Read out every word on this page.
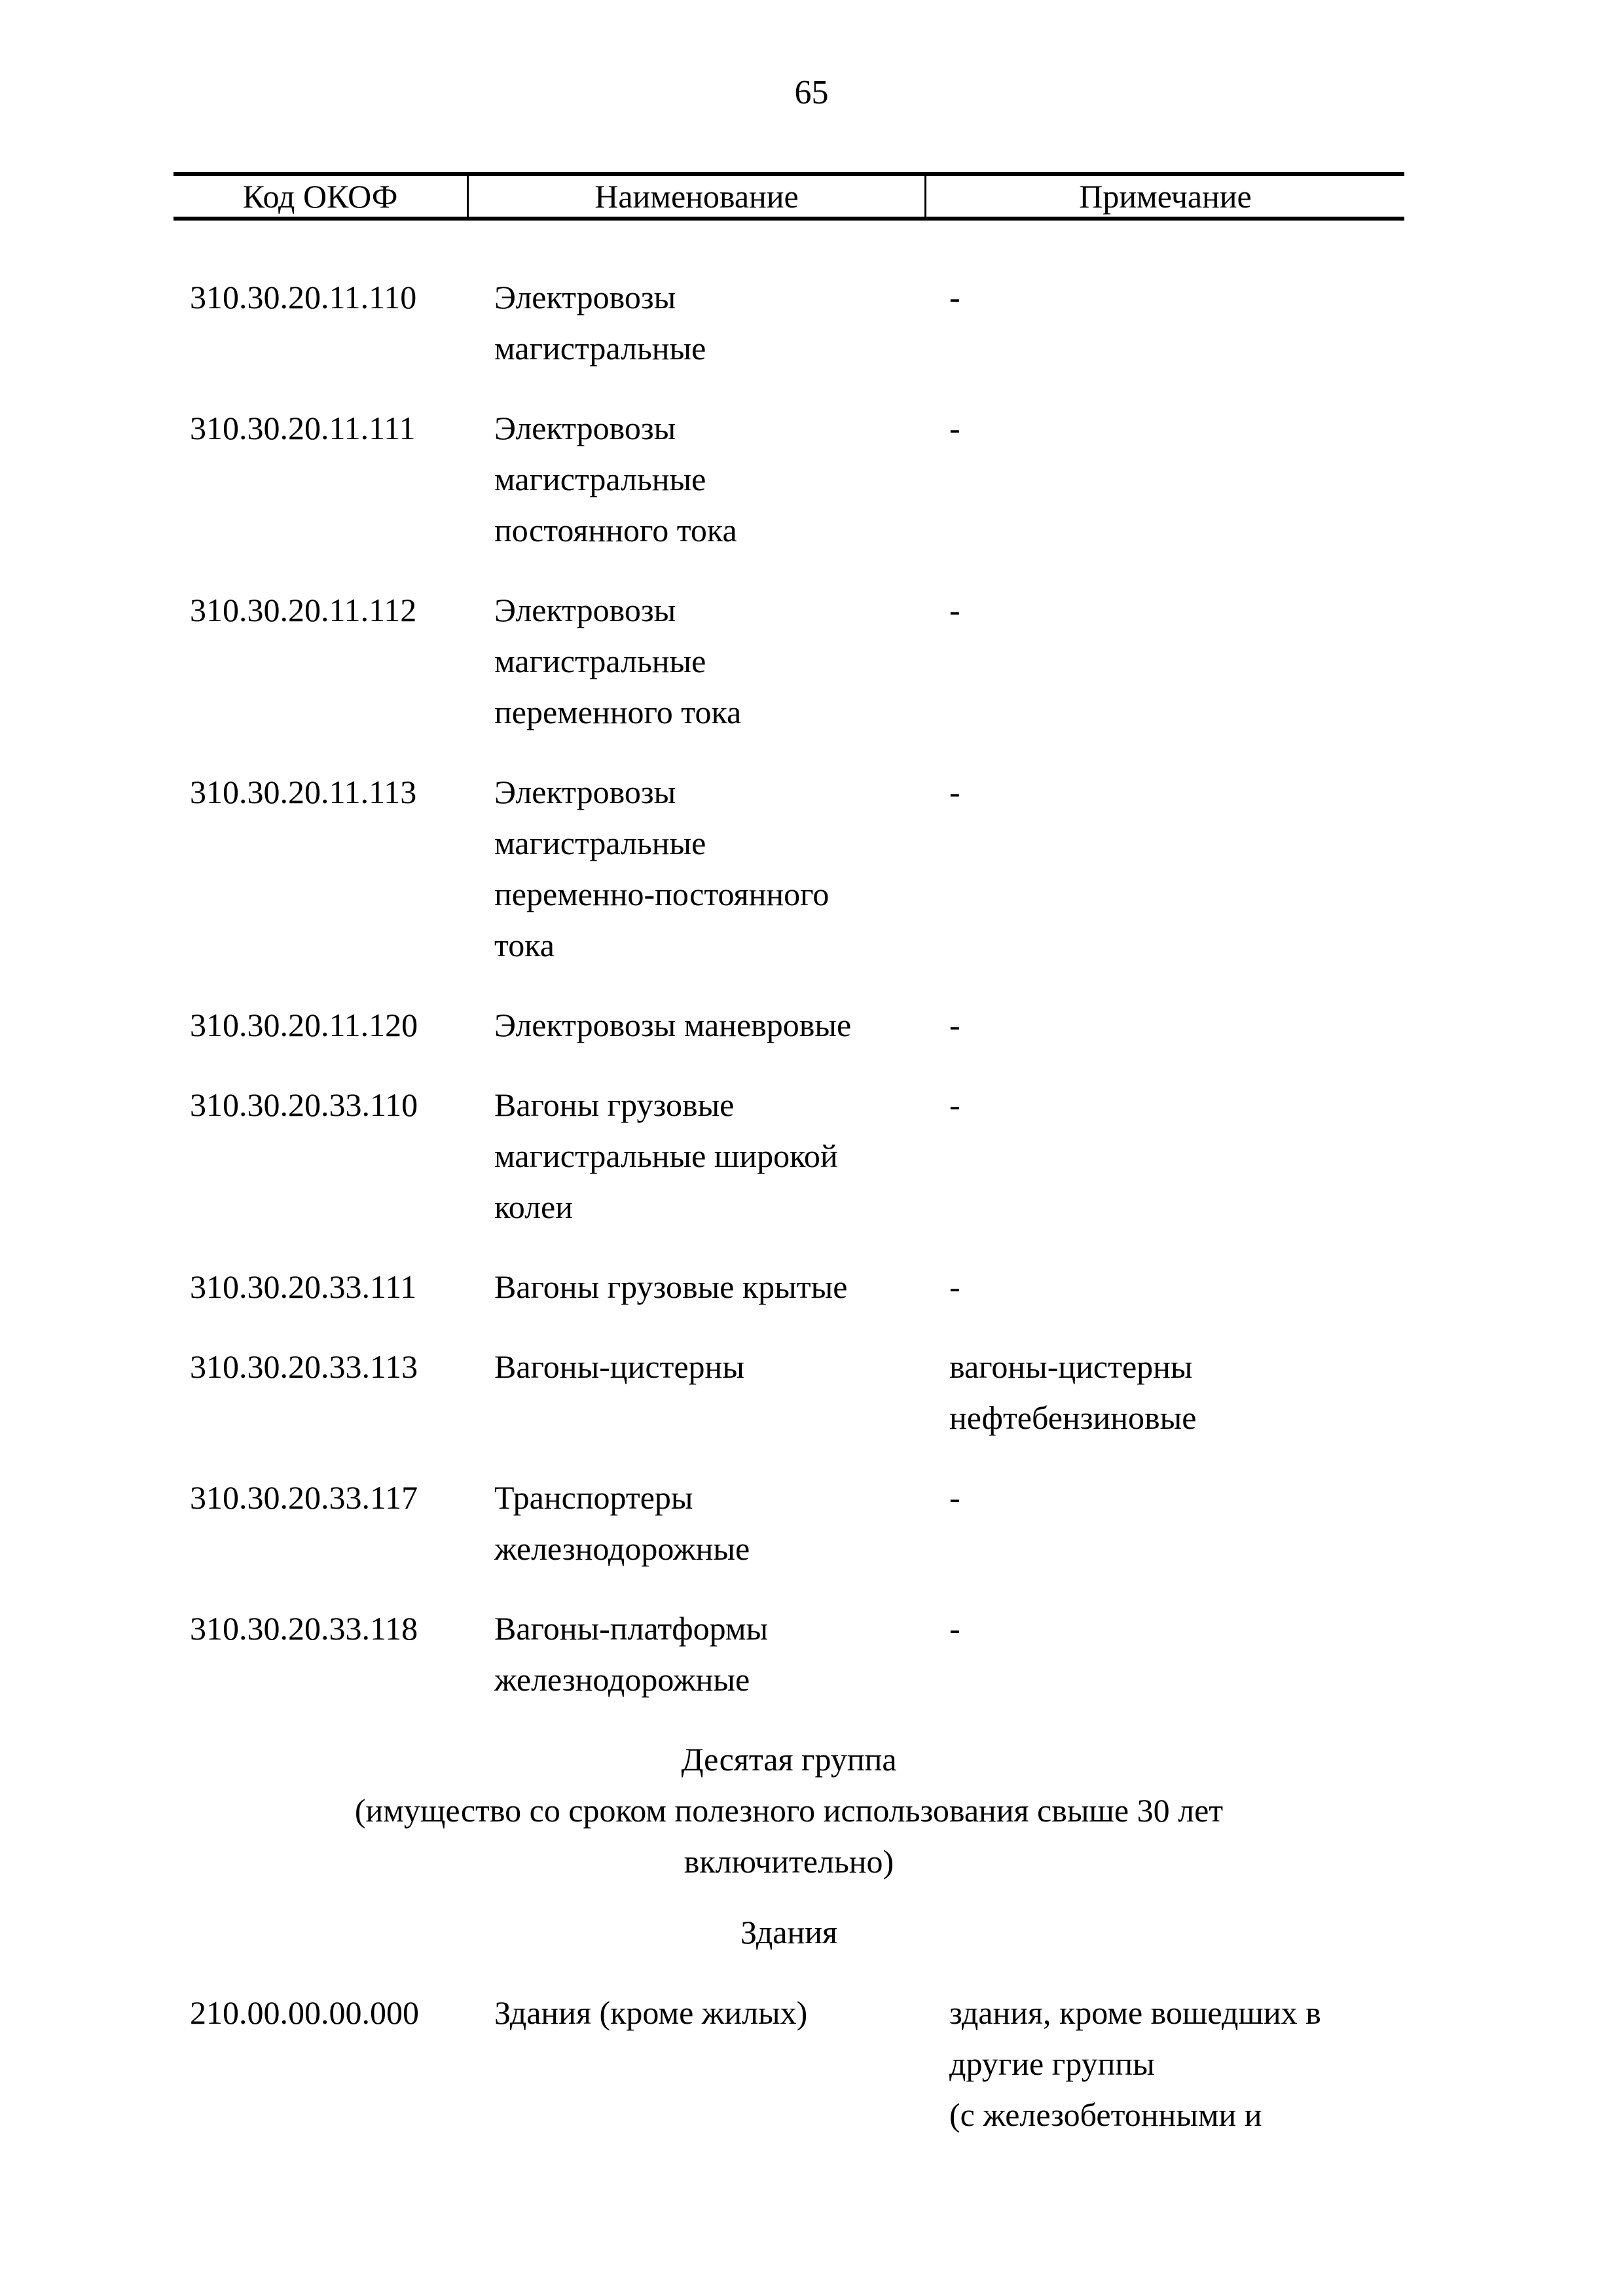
65
Код ОКОФ	Наименование	Примечание
310.30.20.11.110	Электровозы
магистральные
-
310.30.20.11.111	Электровозы
магистральные
постоянного тока
-
310.30.20.11.112	Электровозы
магистральные
переменного тока
-
310.30.20.11.113	Электровозы
магистральные
переменно-постоянного
тока
-
310.30.20.11.120	Электровозы маневровые	-
310.30.20.33.110	Вагоны грузовые
магистральные широкой
колеи
-
310.30.20.33.111	Вагоны грузовые крытые	-
310.30.20.33.113	Вагоны-цистерны	вагоны-цистерны
нефтебензиновые
310.30.20.33.117	Транспортеры
железнодорожные
-
310.30.20.33.118	Вагоны-платформы
железнодорожные
-
Десятая группа
(имущество со сроком полезного использования свыше 30 лет
включительно)
Здания
210.00.00.00.000	Здания (кроме жилых)	здания, кроме вошедших в
другие группы
(с железобетонными и
